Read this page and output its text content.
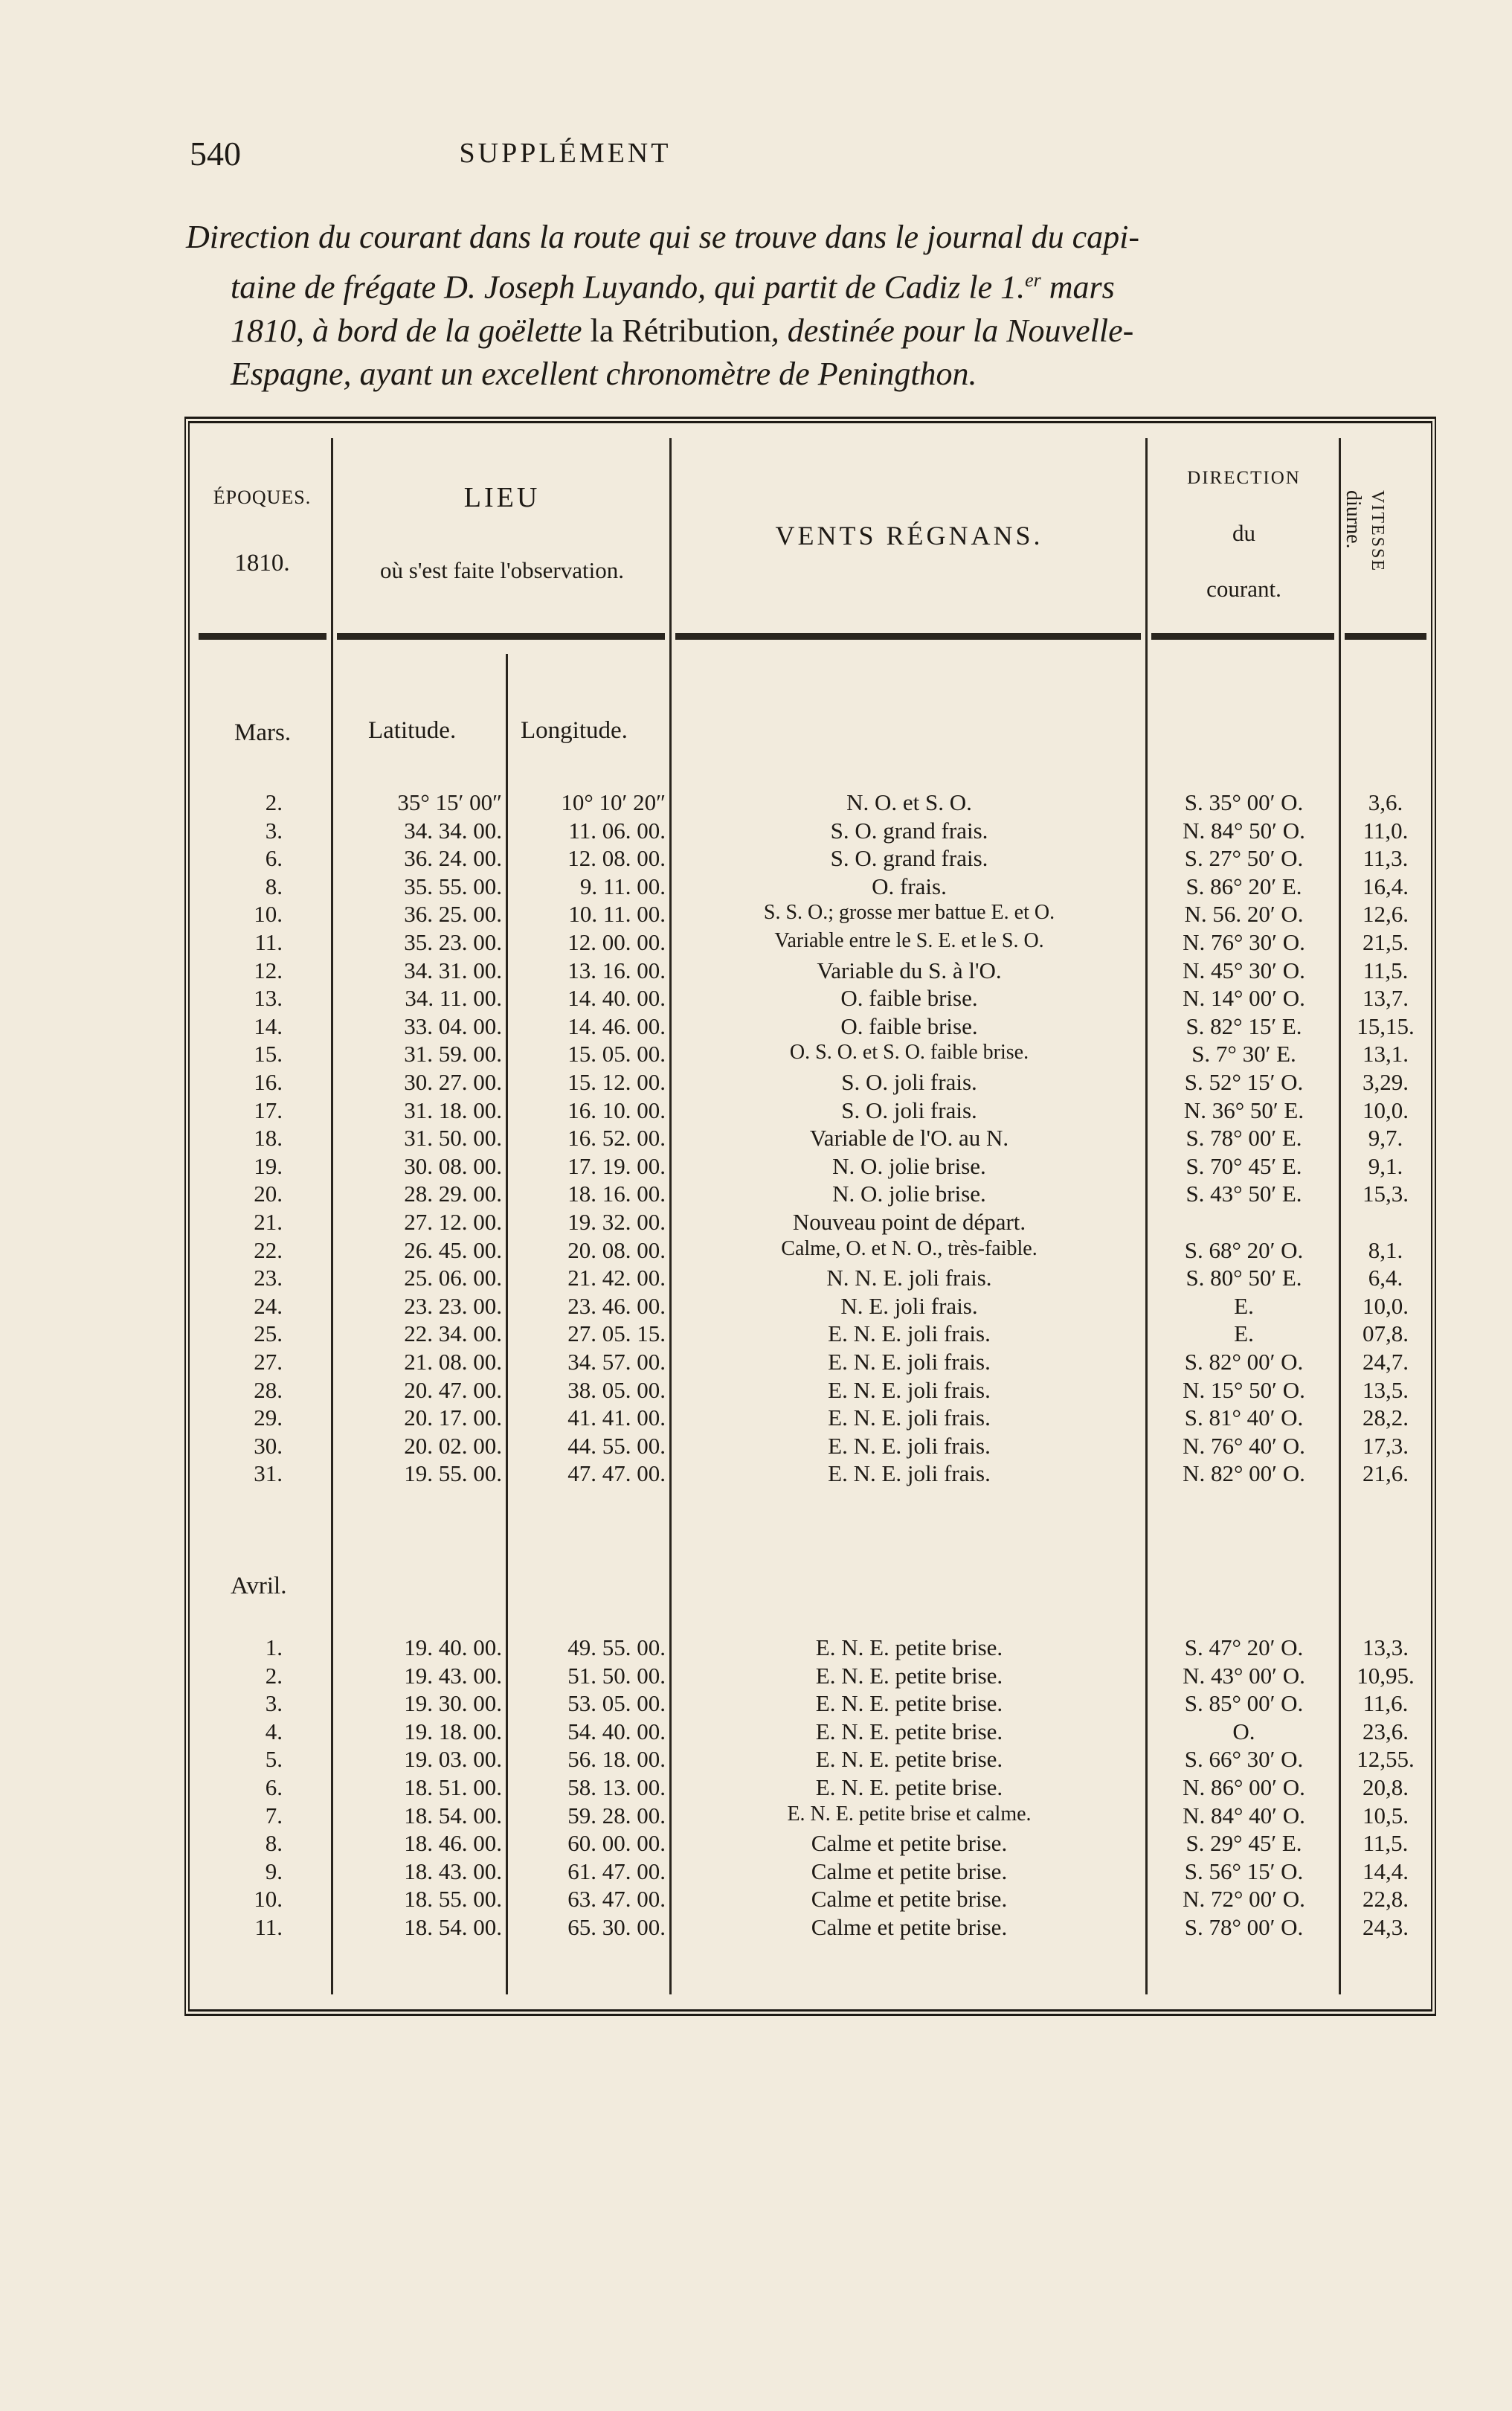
540	SUPPLÉMENT
Direction du courant dans la route qui se trouve dans le journal du capi-
taine de frégate D. Joseph Luyando, qui partit de Cadiz le 1.$^{er}$ mars
1810, à bord de la goëlette la Rétribution, destinée pour la Nouvelle-
Espagne, ayant un excellent chronomètre de Peningthon.
ÉPOQUES.
1810.
LIEU
où s'est faite l'observation.
VENTS RÉGNANS.
DIRECTION
du
courant.
VITESSE
diurne.
Latitude.	Longitude.
Mars.
Avril.
2.	35° 15′ 00″	10° 10′ 20″	N. O. et S. O.	S. 35° 00′ O.	3,6.
3.	34. 34. 00.	11. 06. 00.	S. O. grand frais.	N. 84° 50′ O.	11,0.
6.	36. 24. 00.	12. 08. 00.	S. O. grand frais.	S. 27° 50′ O.	11,3.
8.	35. 55. 00.	9. 11. 00.	O. frais.	S. 86° 20′ E.	16,4.
10.	36. 25. 00.	10. 11. 00.	S. S. O.; grosse mer battue E. et O.	N. 56. 20′ O.	12,6.
11.	35. 23. 00.	12. 00. 00.	Variable entre le S. E. et le S. O.	N. 76° 30′ O.	21,5.
12.	34. 31. 00.	13. 16. 00.	Variable du S. à l'O.	N. 45° 30′ O.	11,5.
13.	34. 11. 00.	14. 40. 00.	O. faible brise.	N. 14° 00′ O.	13,7.
14.	33. 04. 00.	14. 46. 00.	O. faible brise.	S. 82° 15′ E.	15,15.
15.	31. 59. 00.	15. 05. 00.	O. S. O. et S. O. faible brise.	S. 7° 30′ E.	13,1.
16.	30. 27. 00.	15. 12. 00.	S. O. joli frais.	S. 52° 15′ O.	3,29.
17.	31. 18. 00.	16. 10. 00.	S. O. joli frais.	N. 36° 50′ E.	10,0.
18.	31. 50. 00.	16. 52. 00.	Variable de l'O. au N.	S. 78° 00′ E.	9,7.
19.	30. 08. 00.	17. 19. 00.	N. O. jolie brise.	S. 70° 45′ E.	9,1.
20.	28. 29. 00.	18. 16. 00.	N. O. jolie brise.	S. 43° 50′ E.	15,3.
21.	27. 12. 00.	19. 32. 00.	Nouveau point de départ.
22.	26. 45. 00.	20. 08. 00.	Calme, O. et N. O., très-faible.	S. 68° 20′ O.	8,1.
23.	25. 06. 00.	21. 42. 00.	N. N. E. joli frais.	S. 80° 50′ E.	6,4.
24.	23. 23. 00.	23. 46. 00.	N. E. joli frais.	E.	10,0.
25.	22. 34. 00.	27. 05. 15.	E. N. E. joli frais.	E.	07,8.
27.	21. 08. 00.	34. 57. 00.	E. N. E. joli frais.	S. 82° 00′ O.	24,7.
28.	20. 47. 00.	38. 05. 00.	E. N. E. joli frais.	N. 15° 50′ O.	13,5.
29.	20. 17. 00.	41. 41. 00.	E. N. E. joli frais.	S. 81° 40′ O.	28,2.
30.	20. 02. 00.	44. 55. 00.	E. N. E. joli frais.	N. 76° 40′ O.	17,3.
31.	19. 55. 00.	47. 47. 00.	E. N. E. joli frais.	N. 82° 00′ O.	21,6.
1.	19. 40. 00.	49. 55. 00.	E. N. E. petite brise.	S. 47° 20′ O.	13,3.
2.	19. 43. 00.	51. 50. 00.	E. N. E. petite brise.	N. 43° 00′ O.	10,95.
3.	19. 30. 00.	53. 05. 00.	E. N. E. petite brise.	S. 85° 00′ O.	11,6.
4.	19. 18. 00.	54. 40. 00.	E. N. E. petite brise.	O.	23,6.
5.	19. 03. 00.	56. 18. 00.	E. N. E. petite brise.	S. 66° 30′ O.	12,55.
6.	18. 51. 00.	58. 13. 00.	E. N. E. petite brise.	N. 86° 00′ O.	20,8.
7.	18. 54. 00.	59. 28. 00.	E. N. E. petite brise et calme.	N. 84° 40′ O.	10,5.
8.	18. 46. 00.	60. 00. 00.	Calme et petite brise.	S. 29° 45′ E.	11,5.
9.	18. 43. 00.	61. 47. 00.	Calme et petite brise.	S. 56° 15′ O.	14,4.
10.	18. 55. 00.	63. 47. 00.	Calme et petite brise.	N. 72° 00′ O.	22,8.
11.	18. 54. 00.	65. 30. 00.	Calme et petite brise.	S. 78° 00′ O.	24,3.
